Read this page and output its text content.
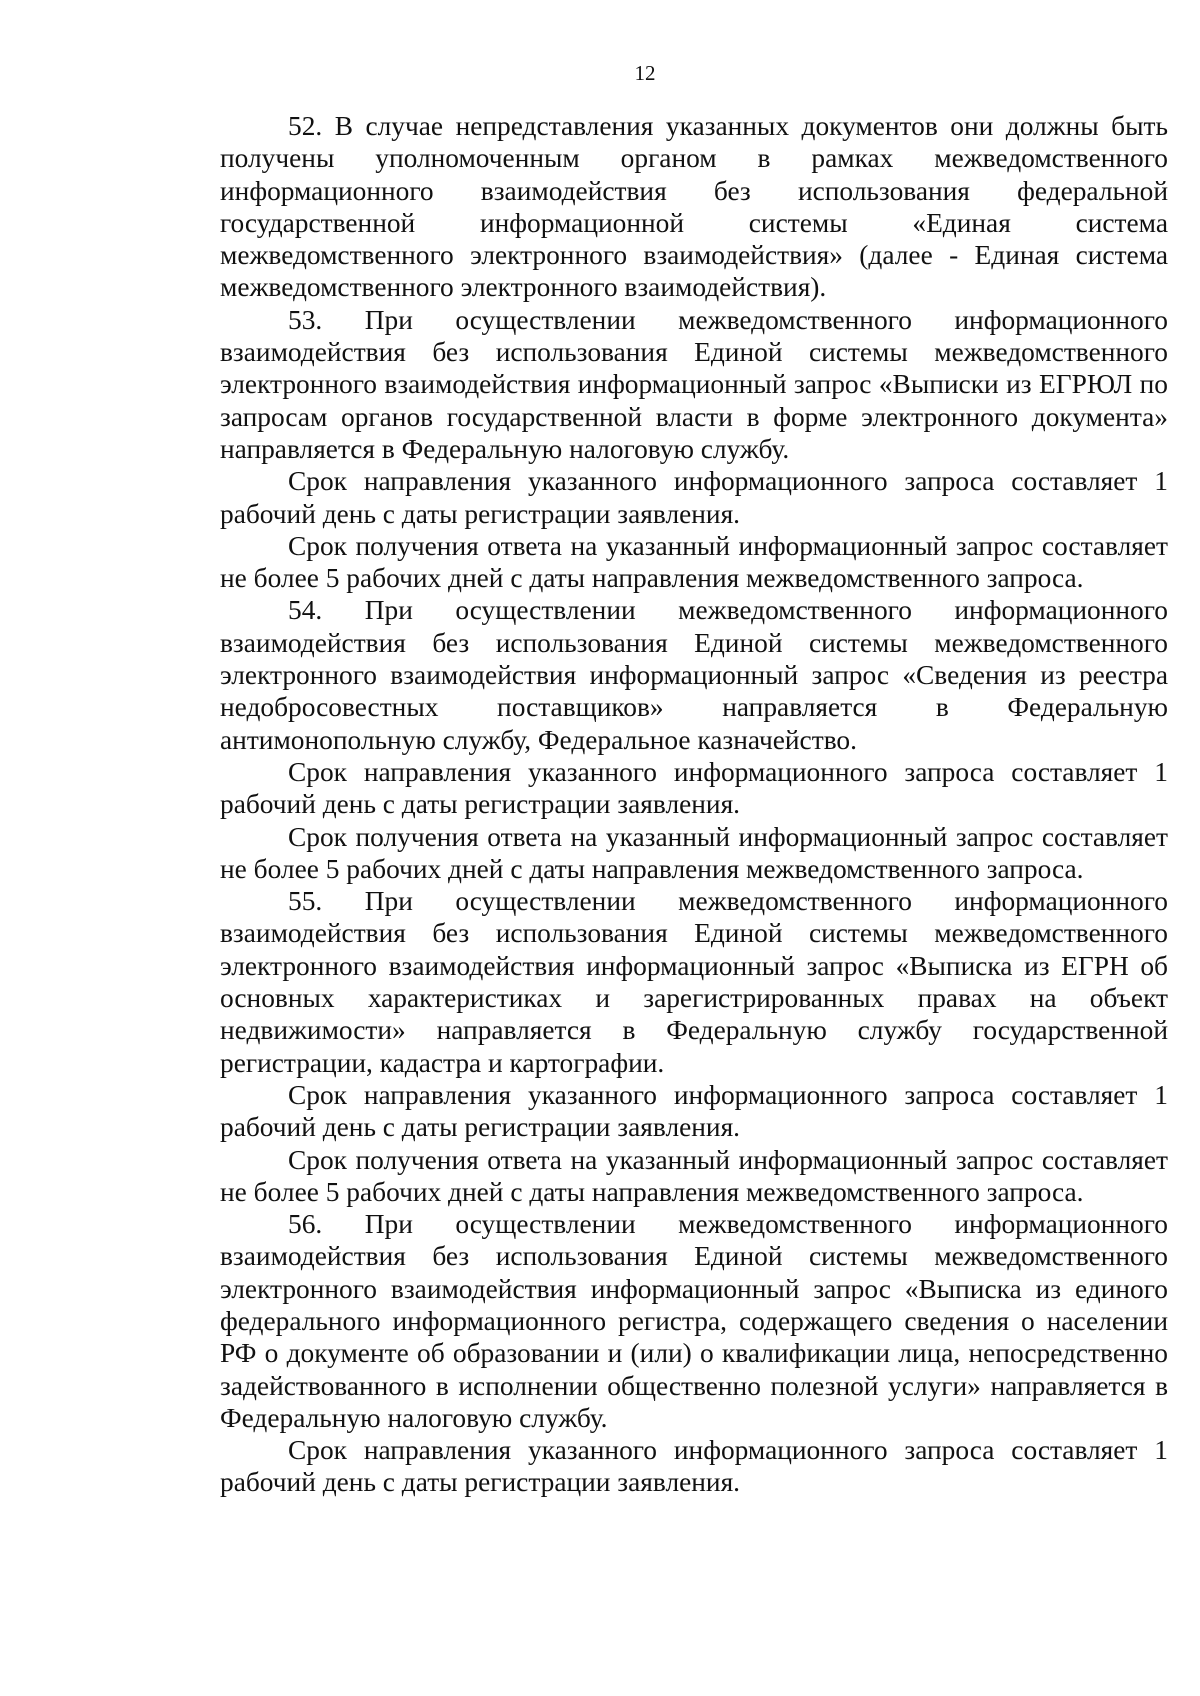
12

52. В случае непредставления указанных документов они должны быть получены уполномоченным органом в рамках межведомственного информационного взаимодействия без использования федеральной государственной информационной системы «Единая система межведомственного электронного взаимодействия» (далее - Единая система межведомственного электронного взаимодействия).

53. При осуществлении межведомственного информационного взаимодействия без использования Единой системы межведомственного электронного взаимодействия информационный запрос «Выписки из ЕГРЮЛ по запросам органов государственной власти в форме электронного документа» направляется в Федеральную налоговую службу.

Срок направления указанного информационного запроса составляет 1 рабочий день с даты регистрации заявления.

Срок получения ответа на указанный информационный запрос составляет не более 5 рабочих дней с даты направления межведомственного запроса.

54. При осуществлении межведомственного информационного взаимодействия без использования Единой системы межведомственного электронного взаимодействия информационный запрос «Сведения из реестра недобросовестных поставщиков» направляется в Федеральную антимонопольную службу, Федеральное казначейство.

Срок направления указанного информационного запроса составляет 1 рабочий день с даты регистрации заявления.

Срок получения ответа на указанный информационный запрос составляет не более 5 рабочих дней с даты направления межведомственного запроса.

55. При осуществлении межведомственного информационного взаимодействия без использования Единой системы межведомственного электронного взаимодействия информационный запрос «Выписка из ЕГРН об основных характеристиках и зарегистрированных правах на объект недвижимости» направляется в Федеральную службу государственной регистрации, кадастра и картографии.

Срок направления указанного информационного запроса составляет 1 рабочий день с даты регистрации заявления.

Срок получения ответа на указанный информационный запрос составляет не более 5 рабочих дней с даты направления межведомственного запроса.

56. При осуществлении межведомственного информационного взаимодействия без использования Единой системы межведомственного электронного взаимодействия информационный запрос «Выписка из единого федерального информационного регистра, содержащего сведения о населении РФ о документе об образовании и (или) о квалификации лица, непосредственно задействованного в исполнении общественно полезной услуги» направляется в Федеральную налоговую службу.

Срок направления указанного информационного запроса составляет 1 рабочий день с даты регистрации заявления.
